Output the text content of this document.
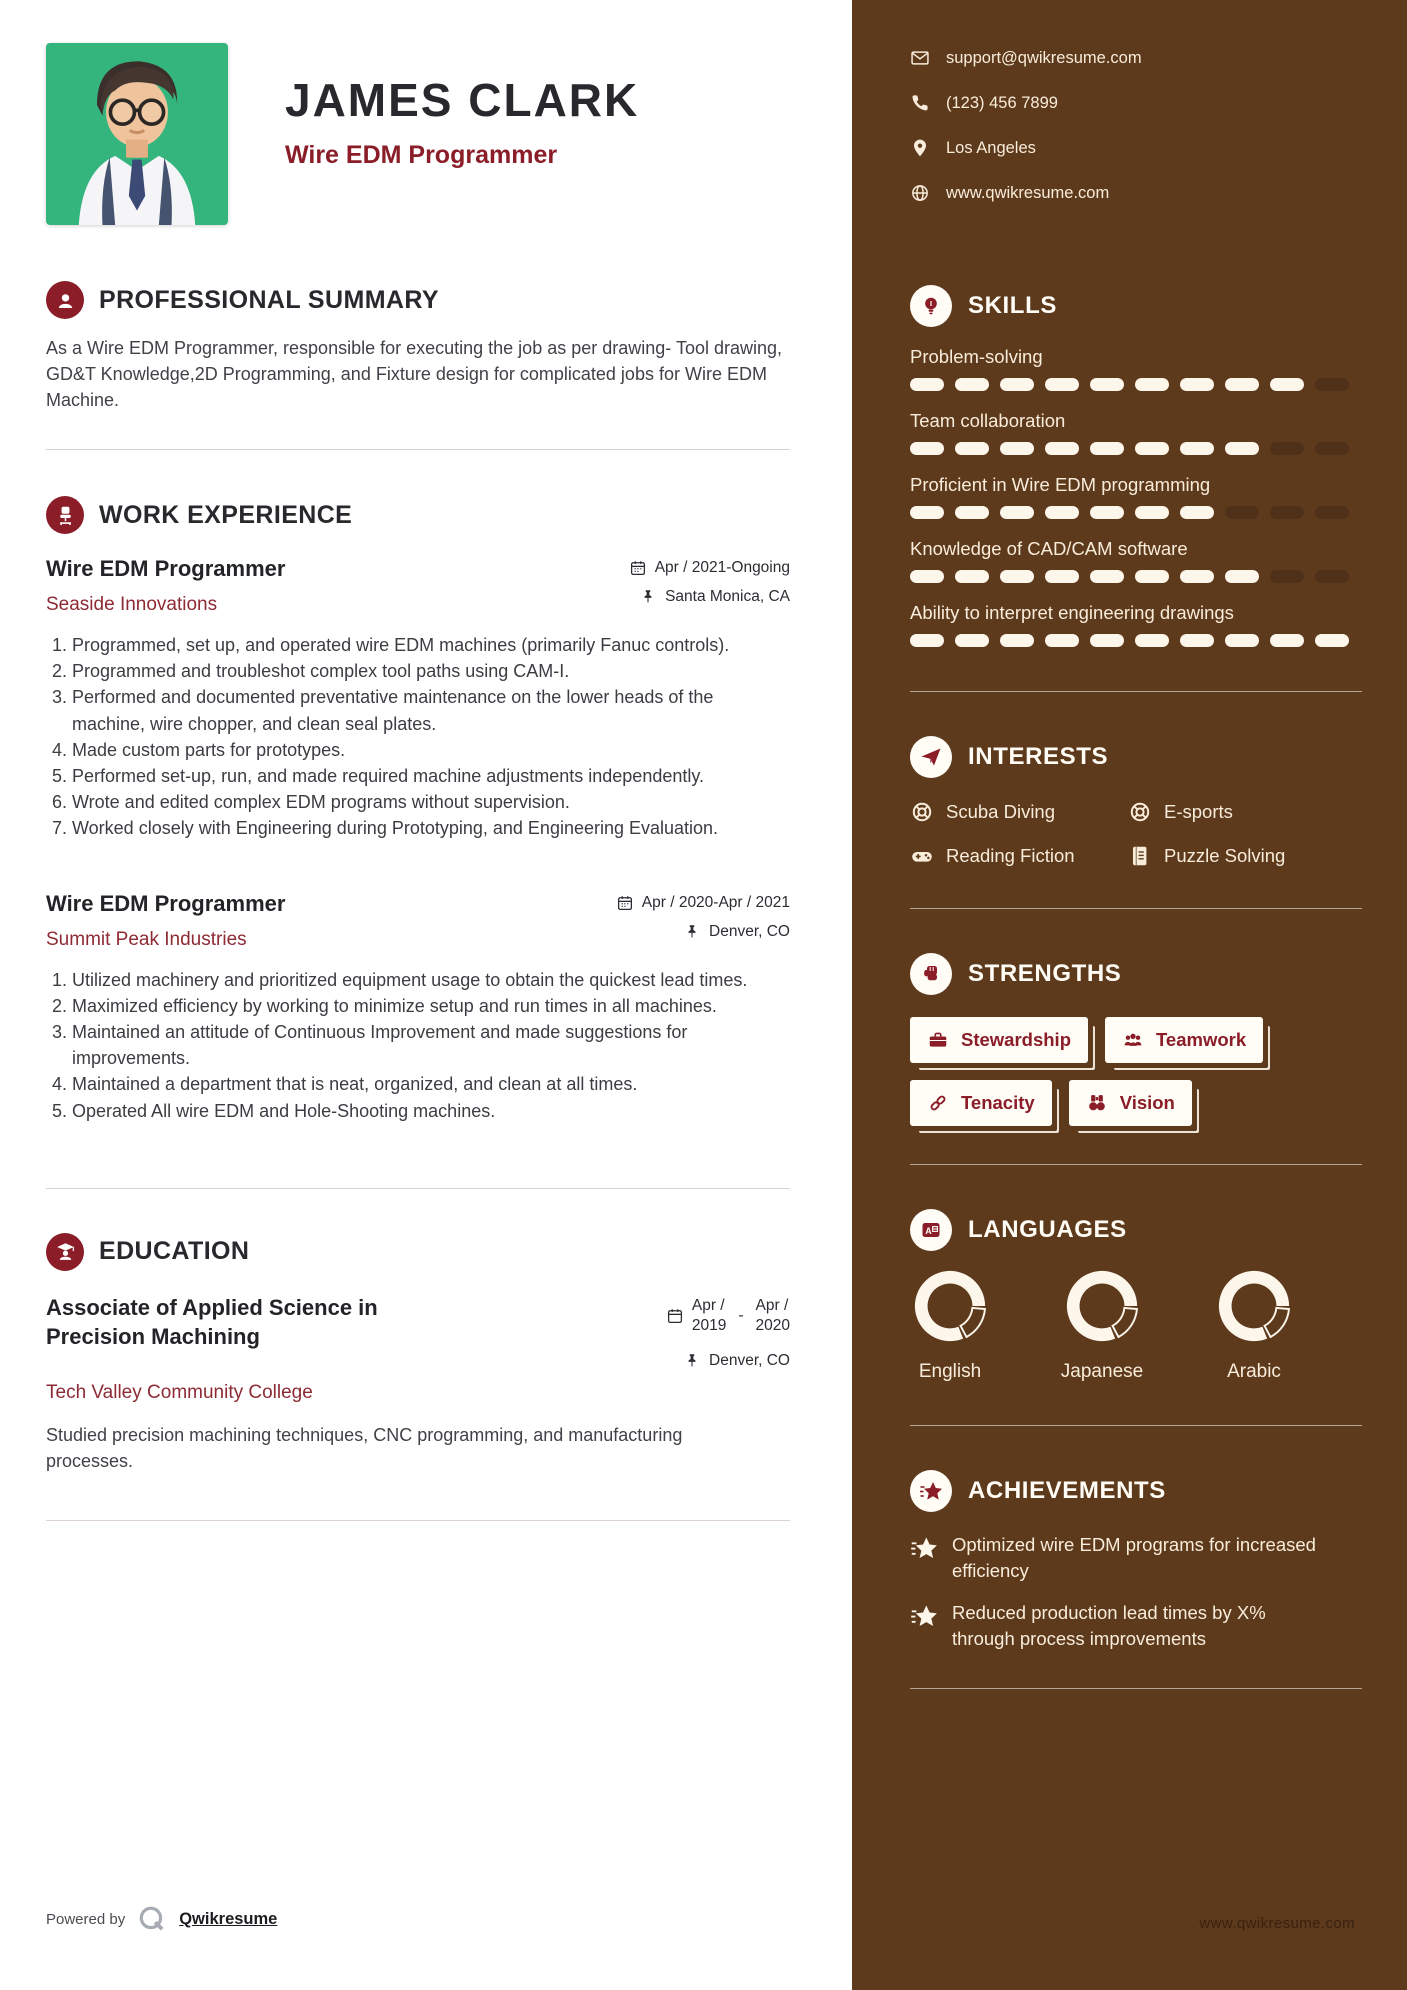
JAMES CLARK
Wire EDM Programmer
PROFESSIONAL SUMMARY

As a Wire EDM Programmer, responsible for executing the job as per drawing- Tool drawing, GD&T Knowledge,2D Programming, and Fixture design for complicated jobs for Wire EDM Machine.

WORK EXPERIENCE
Wire EDM Programmer
Seaside Innovations
Apr / 2021-Ongoing
Santa Monica, CA
1. Programmed, set up, and operated wire EDM machines (primarily Fanuc controls).
2. Programmed and troubleshot complex tool paths using CAM-I.
3. Performed and documented preventative maintenance on the lower heads of the machine, wire chopper, and clean seal plates.
4. Made custom parts for prototypes.
5. Performed set-up, run, and made required machine adjustments independently.
6. Wrote and edited complex EDM programs without supervision.
7. Worked closely with Engineering during Prototyping, and Engineering Evaluation.
Wire EDM Programmer
Summit Peak Industries
Apr / 2020-Apr / 2021
Denver, CO
1. Utilized machinery and prioritized equipment usage to obtain the quickest lead times.
2. Maximized efficiency by working to minimize setup and run times in all machines.
3. Maintained an attitude of Continuous Improvement and made suggestions for improvements.
4. Maintained a department that is neat, organized, and clean at all times.
5. Operated All wire EDM and Hole-Shooting machines.
EDUCATION
Associate of Applied Science in Precision Machining
Apr /
2019
-
Apr /
2020
Denver, CO
Tech Valley Community College

Studied precision machining techniques, CNC programming, and manufacturing processes.

Powered by	Qwikresume
support@qwikresume.com
(123) 456 7899
Los Angeles
www.qwikresume.com
SKILLS
Problem-solving
Team collaboration
Proficient in Wire EDM programming
Knowledge of CAD/CAM software
Ability to interpret engineering drawings
INTERESTS
Scuba Diving	E-sports
Reading Fiction	Puzzle Solving
STRENGTHS
Stewardship	Teamwork
Tenacity	Vision
A LANGUAGES
English	Japanese	Arabic
ACHIEVEMENTS
Optimized wire EDM programs for increased efficiency
Reduced production lead times by X% through process improvements
www.qwikresume.com
